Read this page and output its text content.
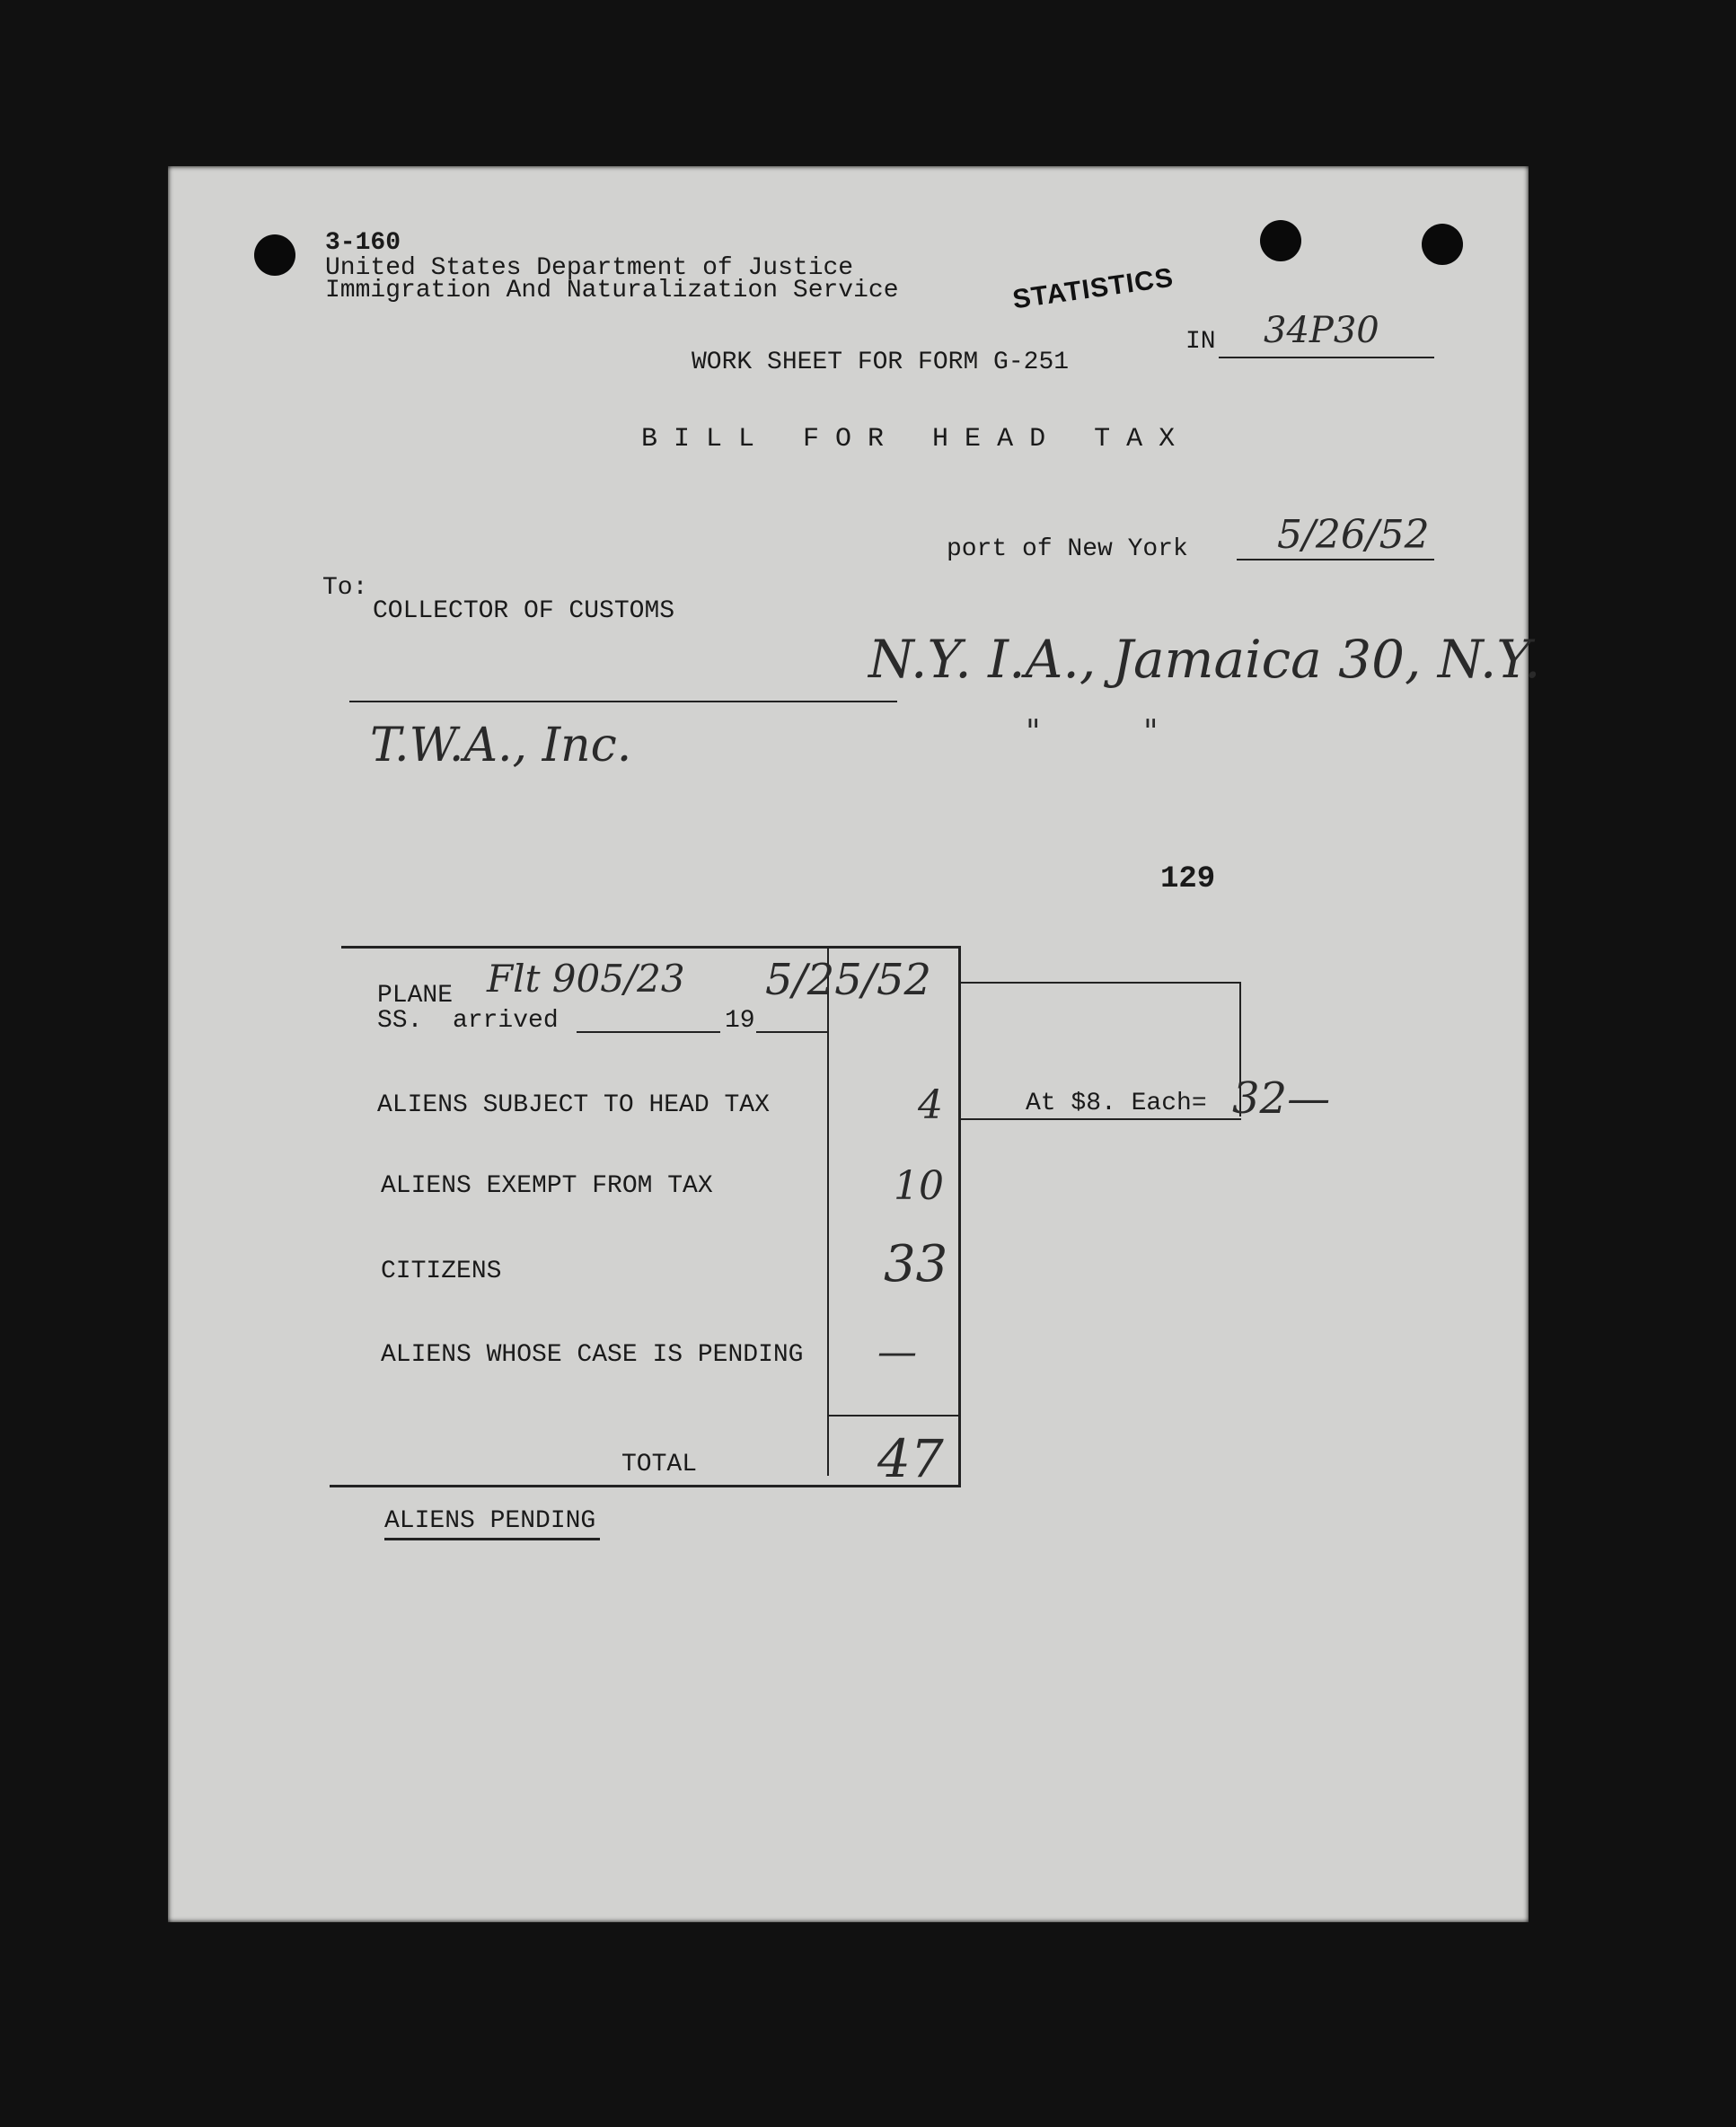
3-160
United States Department of Justice
Immigration And Naturalization Service	STATISTICS
IN 34P30
WORK SHEET FOR FORM G-251
B I L L   F O R   H E A D   T A X
port of New York 5/26/52
To:
COLLECTOR OF CUSTOMS
N.Y. I.A., Jamaica 30, N.Y.
T.W.A., Inc.	"          "
129
PLANE Flt 905/23
SS.  arrived	19
5/25/52
ALIENS SUBJECT TO HEAD TAX	4	At $8. Each= 32—
ALIENS EXEMPT FROM TAX	10
CITIZENS	33
ALIENS WHOSE CASE IS PENDING —
TOTAL	47
ALIENS PENDING
